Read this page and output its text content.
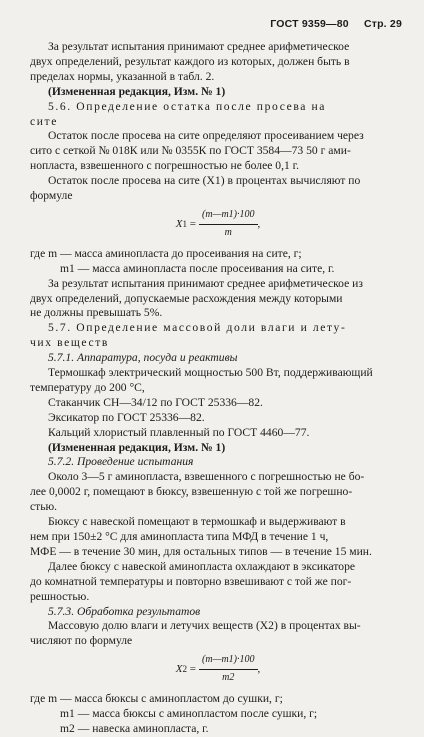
ГОСТ 9359—80 Стр. 29

За результат испытания принимают среднее арифметическое

двух определений, результат каждого из которых, должен быть в

пределах нормы, указанной в табл. 2.

(Измененная редакция, Изм. № 1)

5.6. Определение остатка после просева на

сите

Остаток после просева на сите определяют просеиванием через

сито с сеткой № 018К или № 0355К по ГОСТ 3584—73 50 г ами-

нопласта, взвешенного с погрешностью не более 0,1 г.

Остаток после просева на сите (X1) в процентах вычисляют по

формуле

X $1 = \frac{(m—m1)\cdot 100}{m}$ ,

где m — масса аминопласта до просеивания на сите, г;

m1 — масса аминопласта после просеивания на сите, г.

За результат испытания принимают среднее арифметическое из

двух определений, допускаемые расхождения между которыми

не должны превышать 5%.

5.7. Определение массовой доли влаги и лету-

чих веществ

5.7.1. Аппаратура, посуда и реактивы

Термошкаф электрический мощностью 500 Вт, поддерживающий

температуру до 200 °С,

Стаканчик СН—34/12 по ГОСТ 25336—82.

Эксикатор по ГОСТ 25336—82.

Кальций хлористый плавленный по ГОСТ 4460—77.

(Измененная редакция, Изм. № 1)

5.7.2. Проведение испытания

Около 3—5 г аминопласта, взвешенного с погрешностью не бо-

лее 0,0002 г, помещают в бюксу, взвешенную с той же погрешно-

стью.

Бюксу с навеской помещают в термошкаф и выдерживают в

нем при 150±2 °С для аминопласта типа МФД в течение 1 ч,

МФЕ — в течение 30 мин, для остальных типов — в течение 15 мин.

Далее бюксу с навеской аминопласта охлаждают в эксикаторе

до комнатной температуры и повторно взвешивают с той же пог-

решностью.

5.7.3. Обработка результатов

Массовую долю влаги и летучих веществ (X2) в процентах вы-

числяют по формуле

X $2 = \frac{(m—m1)\cdot 100}{m2}$ ,

где m — масса бюксы с аминопластом до сушки, г;

m1 — масса бюксы с аминопластом после сушки, г;

m2 — навеска аминопласта, г.
